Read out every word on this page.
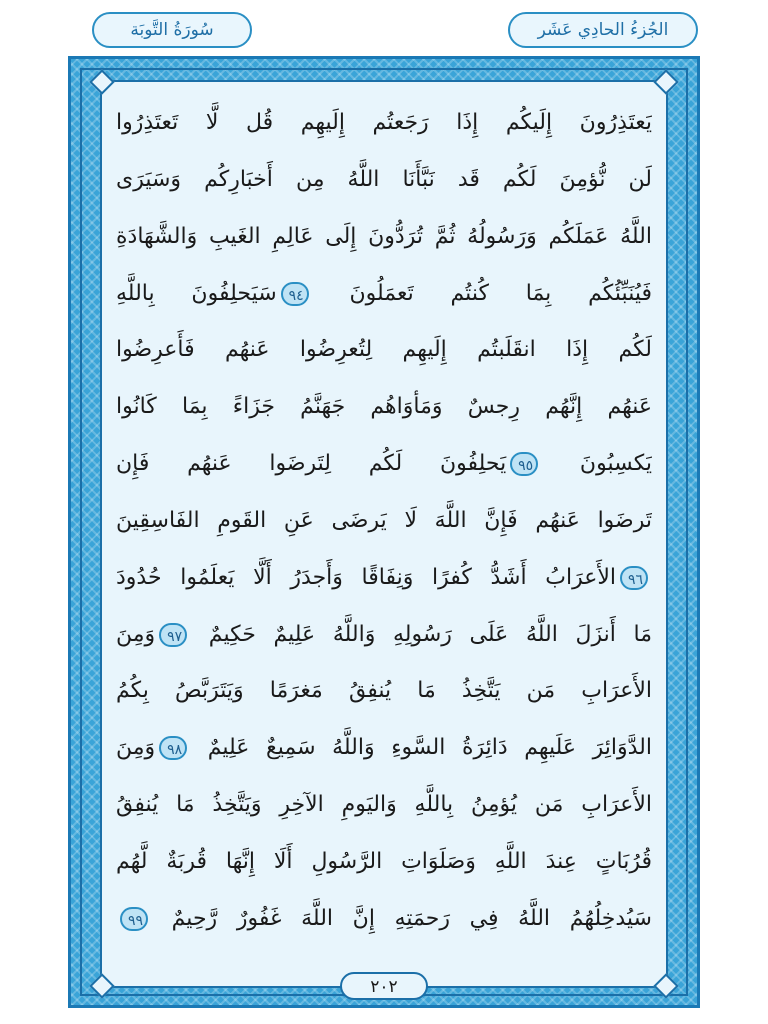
الجُزءُ الحادِي عَشَر
سُورَةُ التَّوبَة
يَعتَذِرُونَ إِلَيكُم إِذَا رَجَعتُم إِلَيهِم قُل لَّا تَعتَذِرُوا
لَن نُّؤمِنَ لَكُم قَد نَبَّأَنَا اللَّهُ مِن أَخبَارِكُم وَسَيَرَى
اللَّهُ عَمَلَكُم وَرَسُولُهُ ثُمَّ تُرَدُّونَ إِلَى عَالِمِ الغَيبِ وَالشَّهَادَةِ
فَيُنَبِّئُكُم بِمَا كُنتُم تَعمَلُونَ ٩٤سَيَحلِفُونَ بِاللَّهِ
لَكُم إِذَا انقَلَبتُم إِلَيهِم لِتُعرِضُوا عَنهُم فَأَعرِضُوا
عَنهُم إِنَّهُم رِجسٌ وَمَأوَاهُم جَهَنَّمُ جَزَاءً بِمَا كَانُوا
يَكسِبُونَ ٩٥يَحلِفُونَ لَكُم لِتَرضَوا عَنهُم فَإِن
تَرضَوا عَنهُم فَإِنَّ اللَّهَ لَا يَرضَى عَنِ القَومِ الفَاسِقِينَ
٩٦الأَعرَابُ أَشَدُّ كُفرًا وَنِفَاقًا وَأَجدَرُ أَلَّا يَعلَمُوا حُدُودَ
مَا أَنزَلَ اللَّهُ عَلَى رَسُولِهِ وَاللَّهُ عَلِيمٌ حَكِيمٌ ٩٧وَمِنَ
الأَعرَابِ مَن يَتَّخِذُ مَا يُنفِقُ مَغرَمًا وَيَتَرَبَّصُ بِكُمُ
الدَّوَائِرَ عَلَيهِم دَائِرَةُ السَّوءِ وَاللَّهُ سَمِيعٌ عَلِيمٌ ٩٨وَمِنَ
الأَعرَابِ مَن يُؤمِنُ بِاللَّهِ وَاليَومِ الآخِرِ وَيَتَّخِذُ مَا يُنفِقُ
قُرُبَاتٍ عِندَ اللَّهِ وَصَلَوَاتِ الرَّسُولِ أَلَا إِنَّهَا قُربَةٌ لَّهُم
سَيُدخِلُهُمُ اللَّهُ فِي رَحمَتِهِ إِنَّ اللَّهَ غَفُورٌ رَّحِيمٌ ٩٩
٢٠٢
